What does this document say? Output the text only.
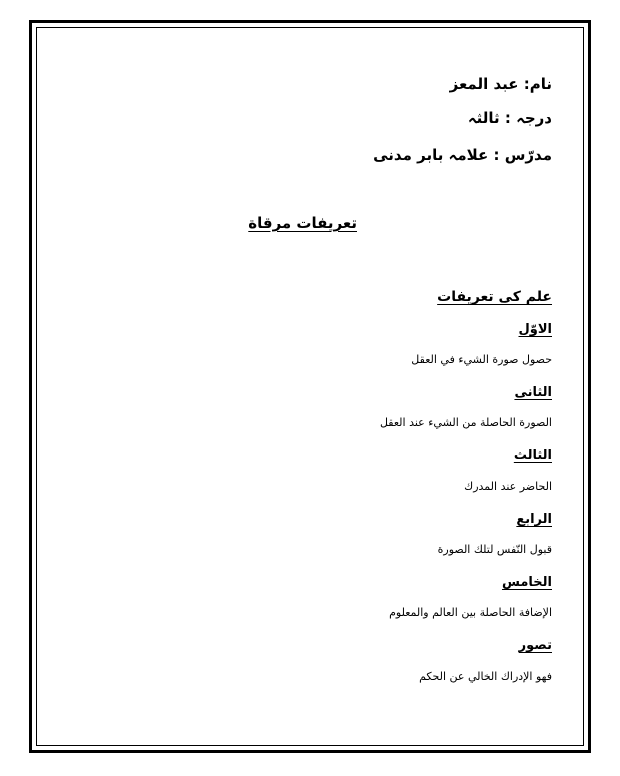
نام: عبد المعز
درجہ : ثالثہ
مدرّس : علامہ بابر مدنی
تعریفات مرقاة
علم کی تعریفات
الاوّل
حصول صورة الشيء في العقل
الثانی
الصورة الحاصلة من الشيء عند العقل
الثالث
الحاضر عند المدرك
الرابع
قبول النّفس لتلك الصورة
الخامس
الإضافة الحاصلة بين العالم والمعلوم
تصور
فهو الإدراك الخالي عن الحكم
